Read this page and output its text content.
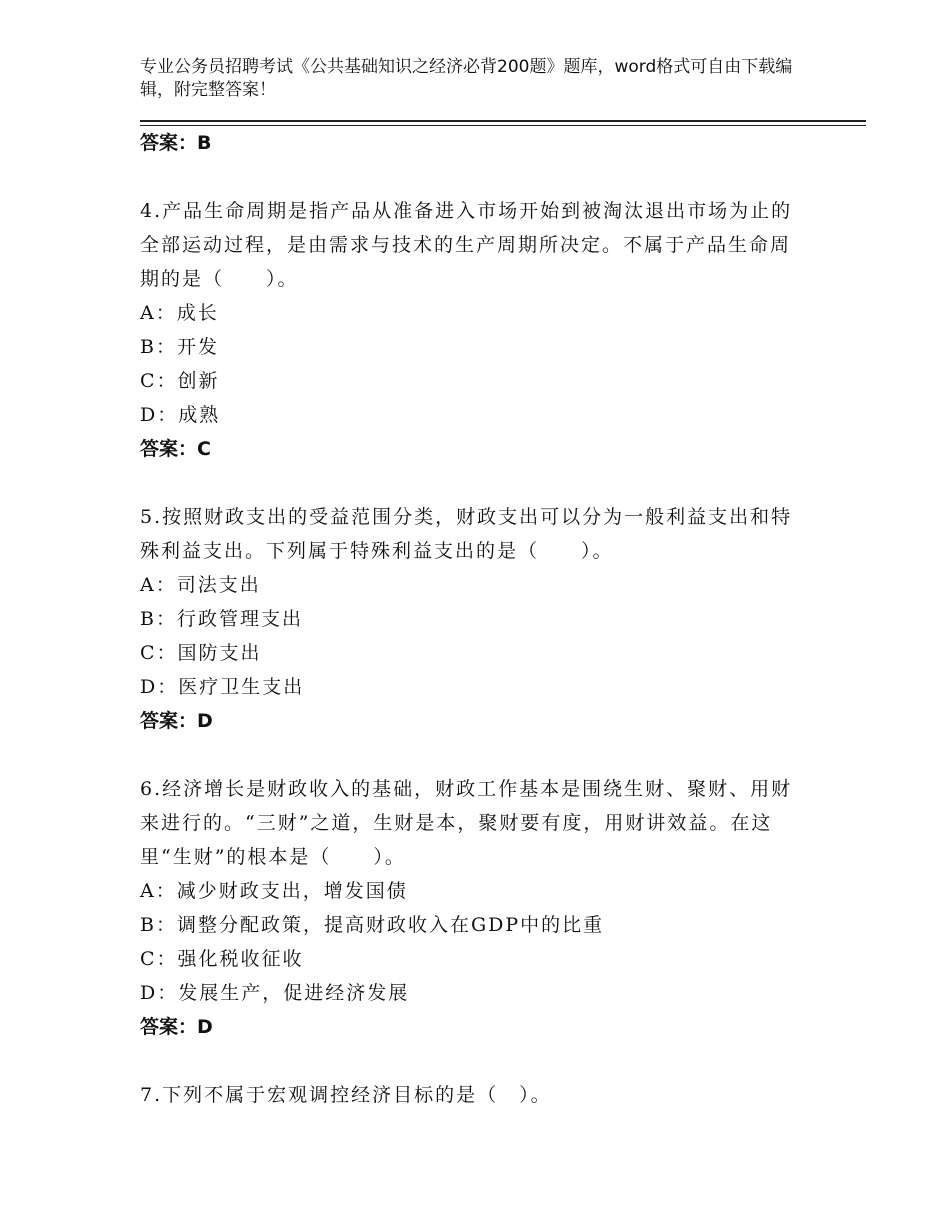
专业公务员招聘考试《公共基础知识之经济必背200题》题库，word格式可自由下载编辑，附完整答案！
答案：B
4.产品生命周期是指产品从准备进入市场开始到被淘汰退出市场为止的全部运动过程，是由需求与技术的生产周期所决定。不属于产品生命周期的是（　　）。
A：成长
B：开发
C：创新
D：成熟
答案：C
5.按照财政支出的受益范围分类，财政支出可以分为一般利益支出和特殊利益支出。下列属于特殊利益支出的是（　　）。
A：司法支出
B：行政管理支出
C：国防支出
D：医疗卫生支出
答案：D
6.经济增长是财政收入的基础，财政工作基本是围绕生财、聚财、用财来进行的。“三财”之道，生财是本，聚财要有度，用财讲效益。在这里“生财”的根本是（　　）。
A：减少财政支出，增发国债
B：调整分配政策，提高财政收入在GDP中的比重
C：强化税收征收
D：发展生产，促进经济发展
答案：D
7.下列不属于宏观调控经济目标的是（　）。
